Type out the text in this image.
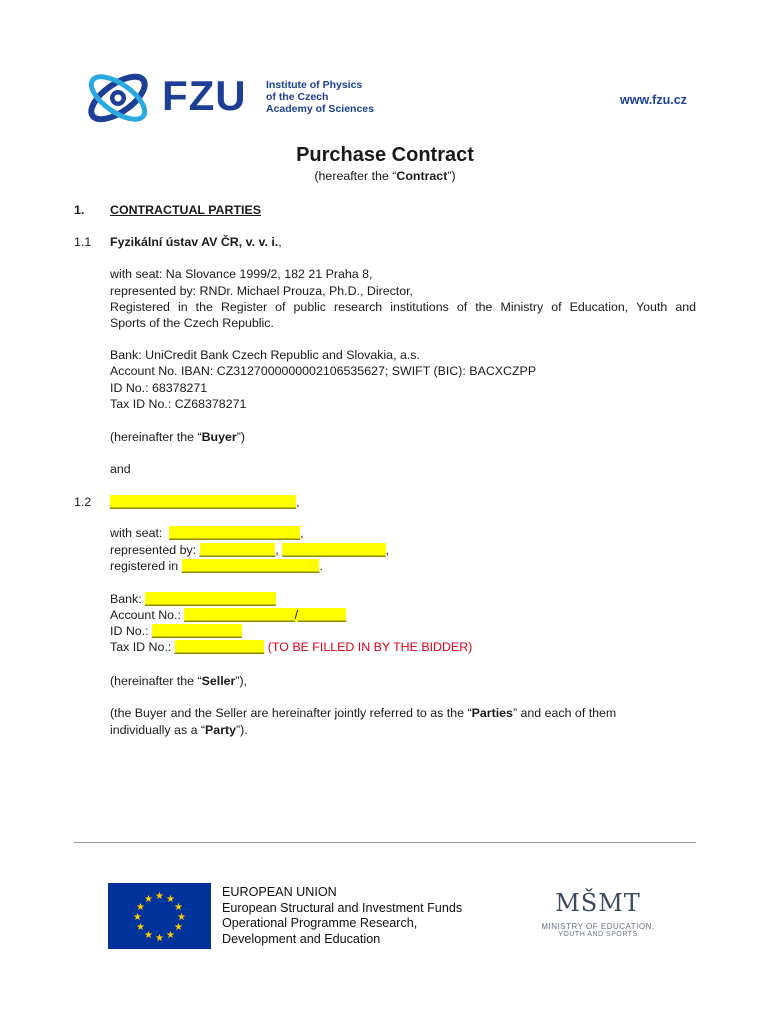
FZU Institute of Physics
of the Czech
Academy of Sciences
www.fzu.cz
Purchase Contract
(hereafter the “Contract”)
1. CONTRACTUAL PARTIES
1.1 Fyzikální ústav AV ČR, v. v. i.,
with seat: Na Slovance 1999/2, 182 21 Praha 8,
represented by: RNDr. Michael Prouza, Ph.D., Director,
Registered in the Register of public research institutions of the Ministry of Education, Youth and
Sports of the Czech Republic.
Bank: UniCredit Bank Czech Republic and Slovakia, a.s.
Account No. IBAN: CZ3127000000002106535627; SWIFT (BIC): BACXCZPP
ID No.: 68378271
Tax ID No.: CZ68378271
(hereinafter the “Buyer”)
and
1.2 ___________________________,
with seat:  ___________________,
represented by: ___________, _______________,
registered in ____________________.
Bank: ___________________
Account No.: ________________/_______
ID No.: _____________
Tax ID No.: _____________ (TO BE FILLED IN BY THE BIDDER)
(hereinafter the “Seller”),
(the Buyer and the Seller are hereinafter jointly referred to as the “Parties” and each of them
individually as a “Party”).
★ ★
★
★
★
★
★
★
★
★
★
★
EUROPEAN UNION
European Structural and Investment Funds
Operational Programme Research,
Development and Education
MŠMT
MINISTRY OF EDUCATION,
YOUTH AND SPORTS
